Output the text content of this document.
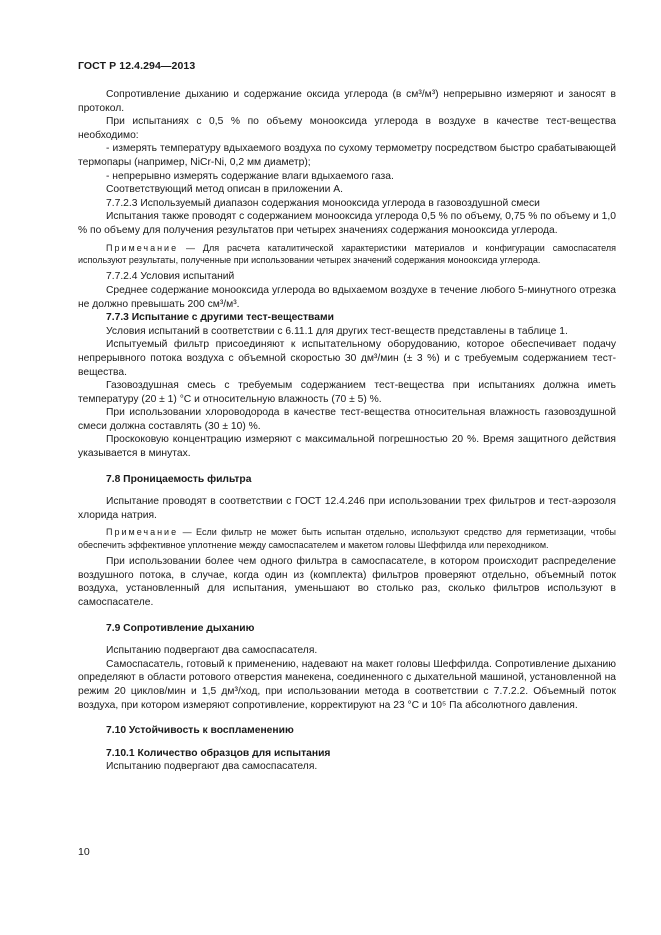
ГОСТ Р 12.4.294—2013

Сопротивление дыханию и содержание оксида углерода (в см³/м³) непрерывно измеряют и заносят в протокол.

При испытаниях с 0,5 % по объему монооксида углерода в воздухе в качестве тест-вещества необходимо:

- измерять температуру вдыхаемого воздуха по сухому термометру посредством быстро срабатывающей термопары (например, NiCr-Ni, 0,2 мм диаметр);

- непрерывно измерять содержание влаги вдыхаемого газа.

Соответствующий метод описан в приложении А.

7.7.2.3 Используемый диапазон содержания монооксида углерода в газовоздушной смеси

Испытания также проводят с содержанием монооксида углерода 0,5 % по объему, 0,75 % по объему и 1,0 % по объему для получения результатов при четырех значениях содержания монооксида углерода.

Примечание — Для расчета каталитической характеристики материалов и конфигурации самоспасателя используют результаты, полученные при использовании четырех значений содержания монооксида углерода.

7.7.2.4 Условия испытаний

Среднее содержание монооксида углерода во вдыхаемом воздухе в течение любого 5-минутного отрезка не должно превышать 200 см³/м³.

7.7.3 Испытание с другими тест-веществами

Условия испытаний в соответствии с 6.11.1 для других тест-веществ представлены в таблице 1.

Испытуемый фильтр присоединяют к испытательному оборудованию, которое обеспечивает подачу непрерывного потока воздуха с объемной скоростью 30 дм³/мин (± 3 %) и с требуемым содержанием тест-вещества.

Газовоздушная смесь с требуемым содержанием тест-вещества при испытаниях должна иметь температуру (20 ± 1) °С и относительную влажность (70 ± 5) %.

При использовании хлороводорода в качестве тест-вещества относительная влажность газовоздушной смеси должна составлять (30 ± 10) %.

Проскоковую концентрацию измеряют с максимальной погрешностью 20 %. Время защитного действия указывается в минутах.

7.8 Проницаемость фильтра

Испытание проводят в соответствии с ГОСТ 12.4.246 при использовании трех фильтров и тест-аэрозоля хлорида натрия.

Примечание — Если фильтр не может быть испытан отдельно, используют средство для герметизации, чтобы обеспечить эффективное уплотнение между самоспасателем и макетом головы Шеффилда или переходником.

При использовании более чем одного фильтра в самоспасателе, в котором происходит распределение воздушного потока, в случае, когда один из (комплекта) фильтров проверяют отдельно, объемный поток воздуха, установленный для испытания, уменьшают во столько раз, сколько фильтров используют в самоспасателе.

7.9 Сопротивление дыханию

Испытанию подвергают два самоспасателя.

Самоспасатель, готовый к применению, надевают на макет головы Шеффилда. Сопротивление дыханию определяют в области ротового отверстия манекена, соединенного с дыхательной машиной, установленной на режим 20 циклов/мин и 1,5 дм³/ход, при использовании метода в соответствии с 7.7.2.2. Объемный поток воздуха, при котором измеряют сопротивление, корректируют на 23 °С и 10⁵ Па абсолютного давления.

7.10 Устойчивость к воспламенению

7.10.1 Количество образцов для испытания

Испытанию подвергают два самоспасателя.

10
